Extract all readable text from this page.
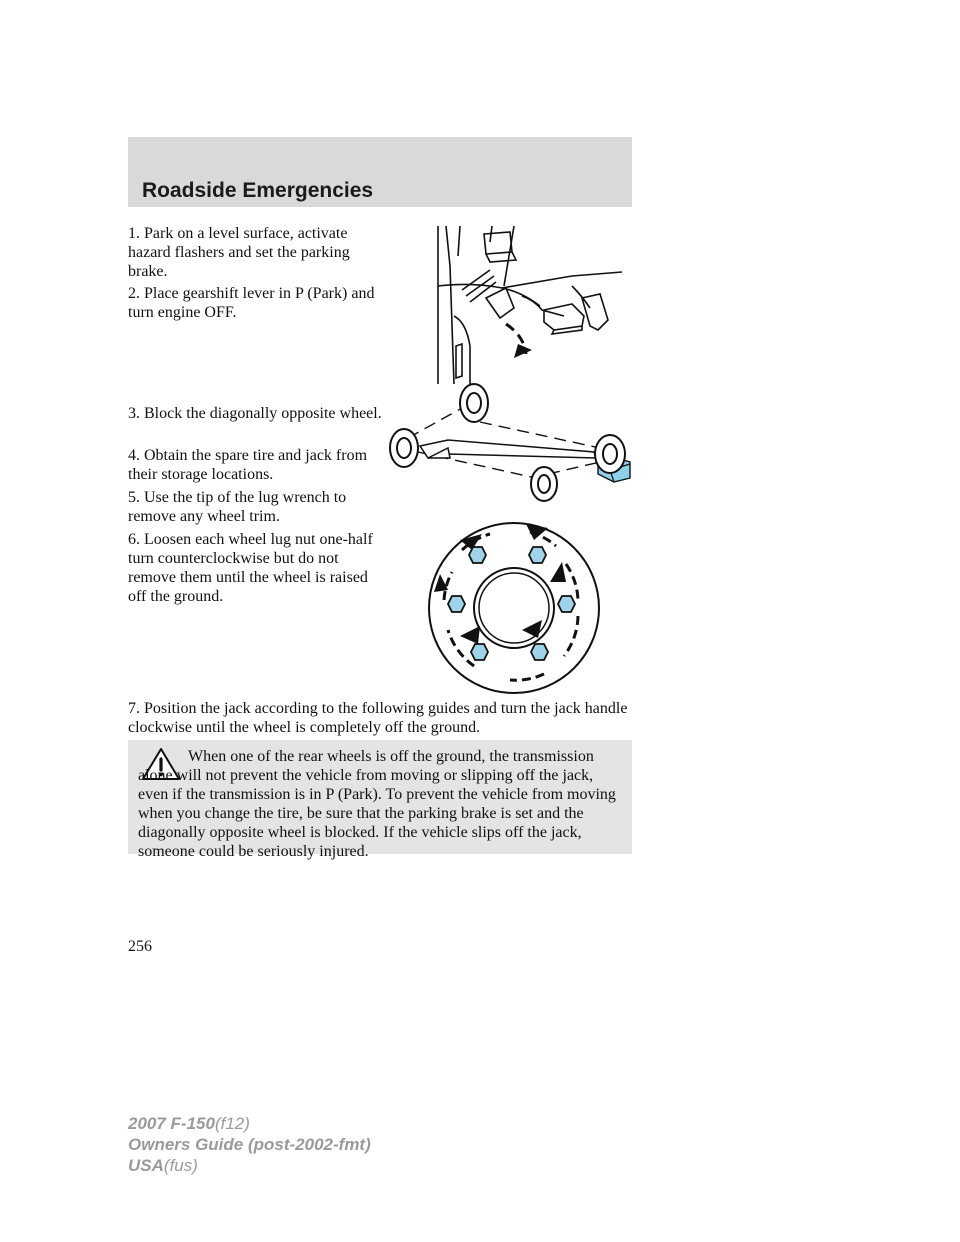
Roadside Emergencies

1. Park on a level surface, activate hazard flashers and set the parking brake.

2. Place gearshift lever in P (Park) and turn engine OFF.

3. Block the diagonally opposite wheel.

4. Obtain the spare tire and jack from their storage locations.

5. Use the tip of the lug wrench to remove any wheel trim.

6. Loosen each wheel lug nut one-half turn counterclockwise but do not remove them until the wheel is raised off the ground.

7. Position the jack according to the following guides and turn the jack handle clockwise until the wheel is completely off the ground.

When one of the rear wheels is off the ground, the transmission alone will not prevent the vehicle from moving or slipping off the jack, even if the transmission is in P (Park). To prevent the vehicle from moving when you change the tire, be sure that the parking brake is set and the diagonally opposite wheel is blocked. If the vehicle slips off the jack, someone could be seriously injured.

256

2007 F-150(f12)
Owners Guide (post-2002-fmt)
USA(fus)
